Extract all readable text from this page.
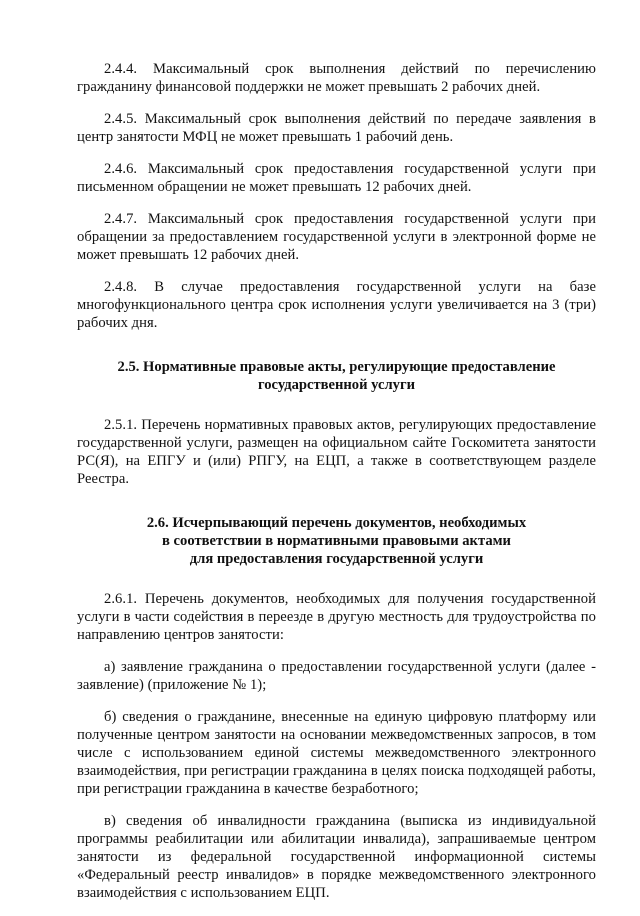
2.4.4. Максимальный срок выполнения действий по перечислению гражданину финансовой поддержки не может превышать 2 рабочих дней.

2.4.5. Максимальный срок выполнения действий по передаче заявления в центр занятости МФЦ не может превышать 1 рабочий день.

2.4.6. Максимальный срок предоставления государственной услуги при письменном обращении не может превышать 12 рабочих дней.

2.4.7. Максимальный срок предоставления государственной услуги при обращении за предоставлением государственной услуги в электронной форме не может превышать 12 рабочих дней.

2.4.8. В случае предоставления государственной услуги на базе многофункционального центра срок исполнения услуги увеличивается на 3 (три) рабочих дня.

2.5. Нормативные правовые акты, регулирующие предоставление
государственной услуги

2.5.1. Перечень нормативных правовых актов, регулирующих предоставление государственной услуги, размещен на официальном сайте Госкомитета занятости РС(Я), на ЕПГУ и (или) РПГУ, на ЕЦП, а также в соответствующем разделе Реестра.

2.6. Исчерпывающий перечень документов, необходимых
в соответствии в нормативными правовыми актами
для предоставления государственной услуги

2.6.1. Перечень документов, необходимых для получения государственной услуги в части содействия в переезде в другую местность для трудоустройства по направлению центров занятости:

а) заявление гражданина о предоставлении государственной услуги (далее - заявление) (приложение № 1);

б) сведения о гражданине, внесенные на единую цифровую платформу или полученные центром занятости на основании межведомственных запросов, в том числе с использованием единой системы межведомственного электронного взаимодействия, при регистрации гражданина в целях поиска подходящей работы, при регистрации гражданина в качестве безработного;

в) сведения об инвалидности гражданина (выписка из индивидуальной программы реабилитации или абилитации инвалида), запрашиваемые центром занятости из федеральной государственной информационной системы «Федеральный реестр инвалидов» в порядке межведомственного электронного взаимодействия с использованием ЕЦП.
